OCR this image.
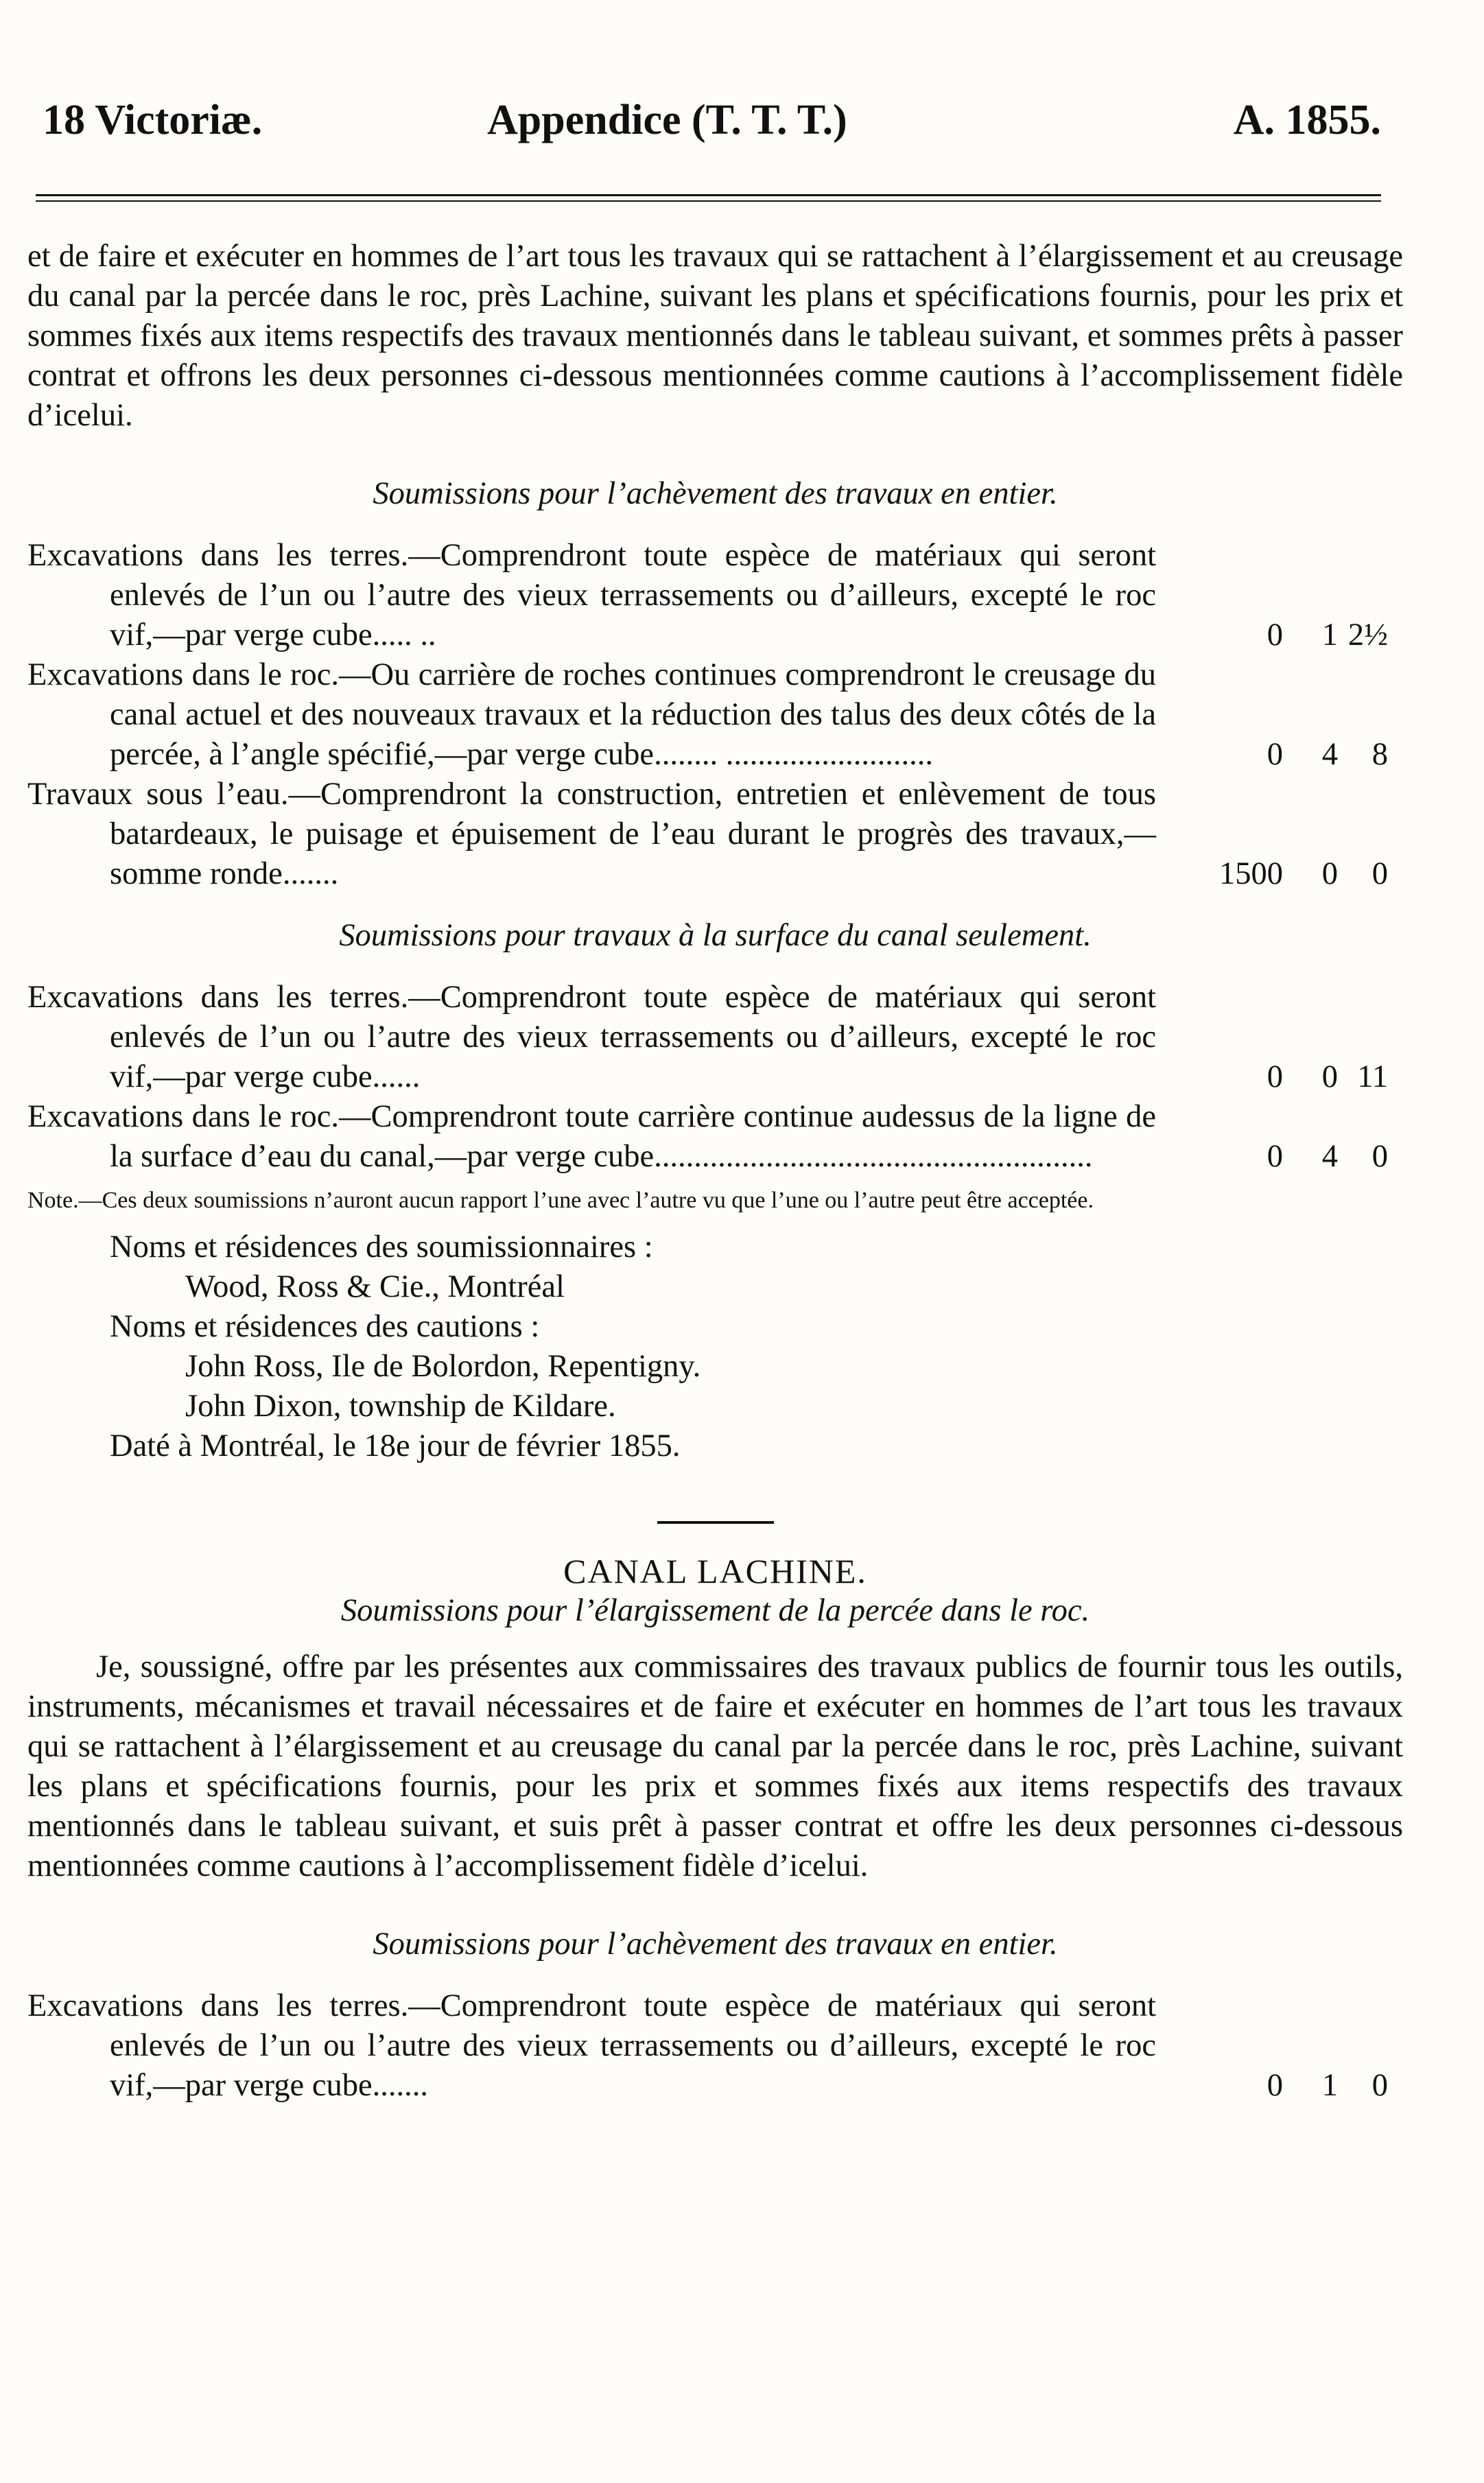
18 Victoriæ.	Appendice (T. T. T.)	A. 1855.

et de faire et exécuter en hommes de l’art tous les travaux qui se rattachent à l’élargissement et au creusage du canal par la percée dans le roc, près Lachine, suivant les plans et spécifications fournis, pour les prix et sommes fixés aux items respectifs des travaux mentionnés dans le tableau suivant, et sommes prêts à passer contrat et offrons les deux personnes ci-dessous mentionnées comme cautions à l’accomplissement fidèle d’icelui.

Soumissions pour l’achèvement des travaux en entier.

Excavations dans les terres.—Comprendront toute espèce de matériaux qui seront enlevés de l’un ou l’autre des vieux terrassements ou d’ailleurs, excepté le roc vif,—par verge cube..... ..	0 1 2½
Excavations dans le roc.—Ou carrière de roches continues comprendront le creusage du canal actuel et des nouveaux travaux et la réduction des talus des deux côtés de la percée, à l’angle spécifié,—par verge cube........ ..........................	0 4 8
Travaux sous l’eau.—Comprendront la construction, entretien et enlèvement de tous batardeaux, le puisage et épuisement de l’eau durant le progrès des travaux,—somme ronde.......	1500 0 0

Soumissions pour travaux à la surface du canal seulement.

Excavations dans les terres.—Comprendront toute espèce de matériaux qui seront enlevés de l’un ou l’autre des vieux terrassements ou d’ailleurs, excepté le roc vif,—par verge cube......	0 0 11
Excavations dans le roc.—Comprendront toute carrière continue audessus de la ligne de la surface d’eau du canal,—par verge cube.......................................................	0 4 0

Note.—Ces deux soumissions n’auront aucun rapport l’une avec l’autre vu que l’une ou l’autre peut être acceptée.

Noms et résidences des soumissionnaires :

Wood, Ross & Cie., Montréal

Noms et résidences des cautions :

John Ross, Ile de Bolordon, Repentigny.

John Dixon, township de Kildare.

Daté à Montréal, le 18e jour de février 1855.

CANAL LACHINE.

Soumissions pour l’élargissement de la percée dans le roc.

Je, soussigné, offre par les présentes aux commissaires des travaux publics de fournir tous les outils, instruments, mécanismes et travail nécessaires et de faire et exécuter en hommes de l’art tous les travaux qui se rattachent à l’élargissement et au creusage du canal par la percée dans le roc, près Lachine, suivant les plans et spécifications fournis, pour les prix et sommes fixés aux items respectifs des travaux mentionnés dans le tableau suivant, et suis prêt à passer contrat et offre les deux personnes ci-dessous mentionnées comme cautions à l’accomplissement fidèle d’icelui.

Soumissions pour l’achèvement des travaux en entier.

Excavations dans les terres.—Comprendront toute espèce de matériaux qui seront enlevés de l’un ou l’autre des vieux terrassements ou d’ailleurs, excepté le roc vif,—par verge cube.......	0 1 0
